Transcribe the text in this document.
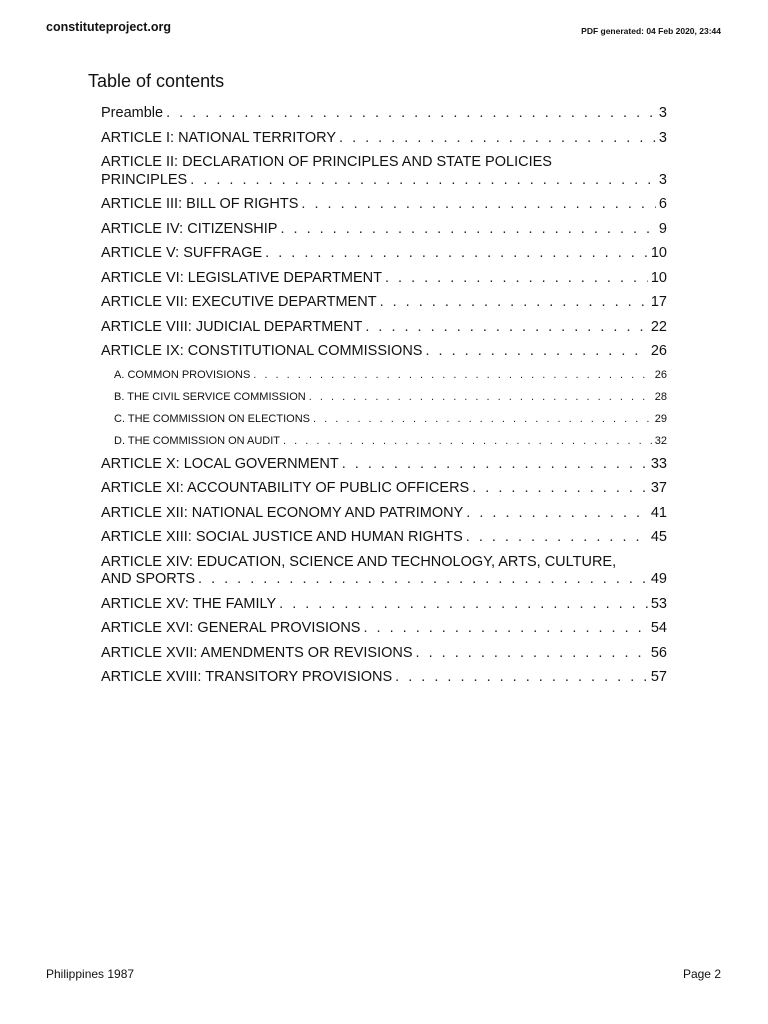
constituteproject.org	PDF generated: 04 Feb 2020, 23:44
Table of contents
Preamble . . .	3
ARTICLE I: NATIONAL TERRITORY . . .	3
ARTICLE II: DECLARATION OF PRINCIPLES AND STATE POLICIES
PRINCIPLES . . .	3
ARTICLE III: BILL OF RIGHTS . . .	6
ARTICLE IV: CITIZENSHIP . . .	9
ARTICLE V: SUFFRAGE . . .	10
ARTICLE VI: LEGISLATIVE DEPARTMENT . . .	10
ARTICLE VII: EXECUTIVE DEPARTMENT . . .	17
ARTICLE VIII: JUDICIAL DEPARTMENT . . .	22
ARTICLE IX: CONSTITUTIONAL COMMISSIONS . . .	26
A. COMMON PROVISIONS . . .	26
B. THE CIVIL SERVICE COMMISSION . . .	28
C. THE COMMISSION ON ELECTIONS . . .	29
D. THE COMMISSION ON AUDIT . . .	32
ARTICLE X: LOCAL GOVERNMENT . . .	33
ARTICLE XI: ACCOUNTABILITY OF PUBLIC OFFICERS . . .	37
ARTICLE XII: NATIONAL ECONOMY AND PATRIMONY . . .	41
ARTICLE XIII: SOCIAL JUSTICE AND HUMAN RIGHTS . . .	45
ARTICLE XIV: EDUCATION, SCIENCE AND TECHNOLOGY, ARTS, CULTURE,
AND SPORTS . . .	49
ARTICLE XV: THE FAMILY . . .	53
ARTICLE XVI: GENERAL PROVISIONS . . .	54
ARTICLE XVII: AMENDMENTS OR REVISIONS . . .	56
ARTICLE XVIII: TRANSITORY PROVISIONS . . .	57
Philippines 1987	Page 2
